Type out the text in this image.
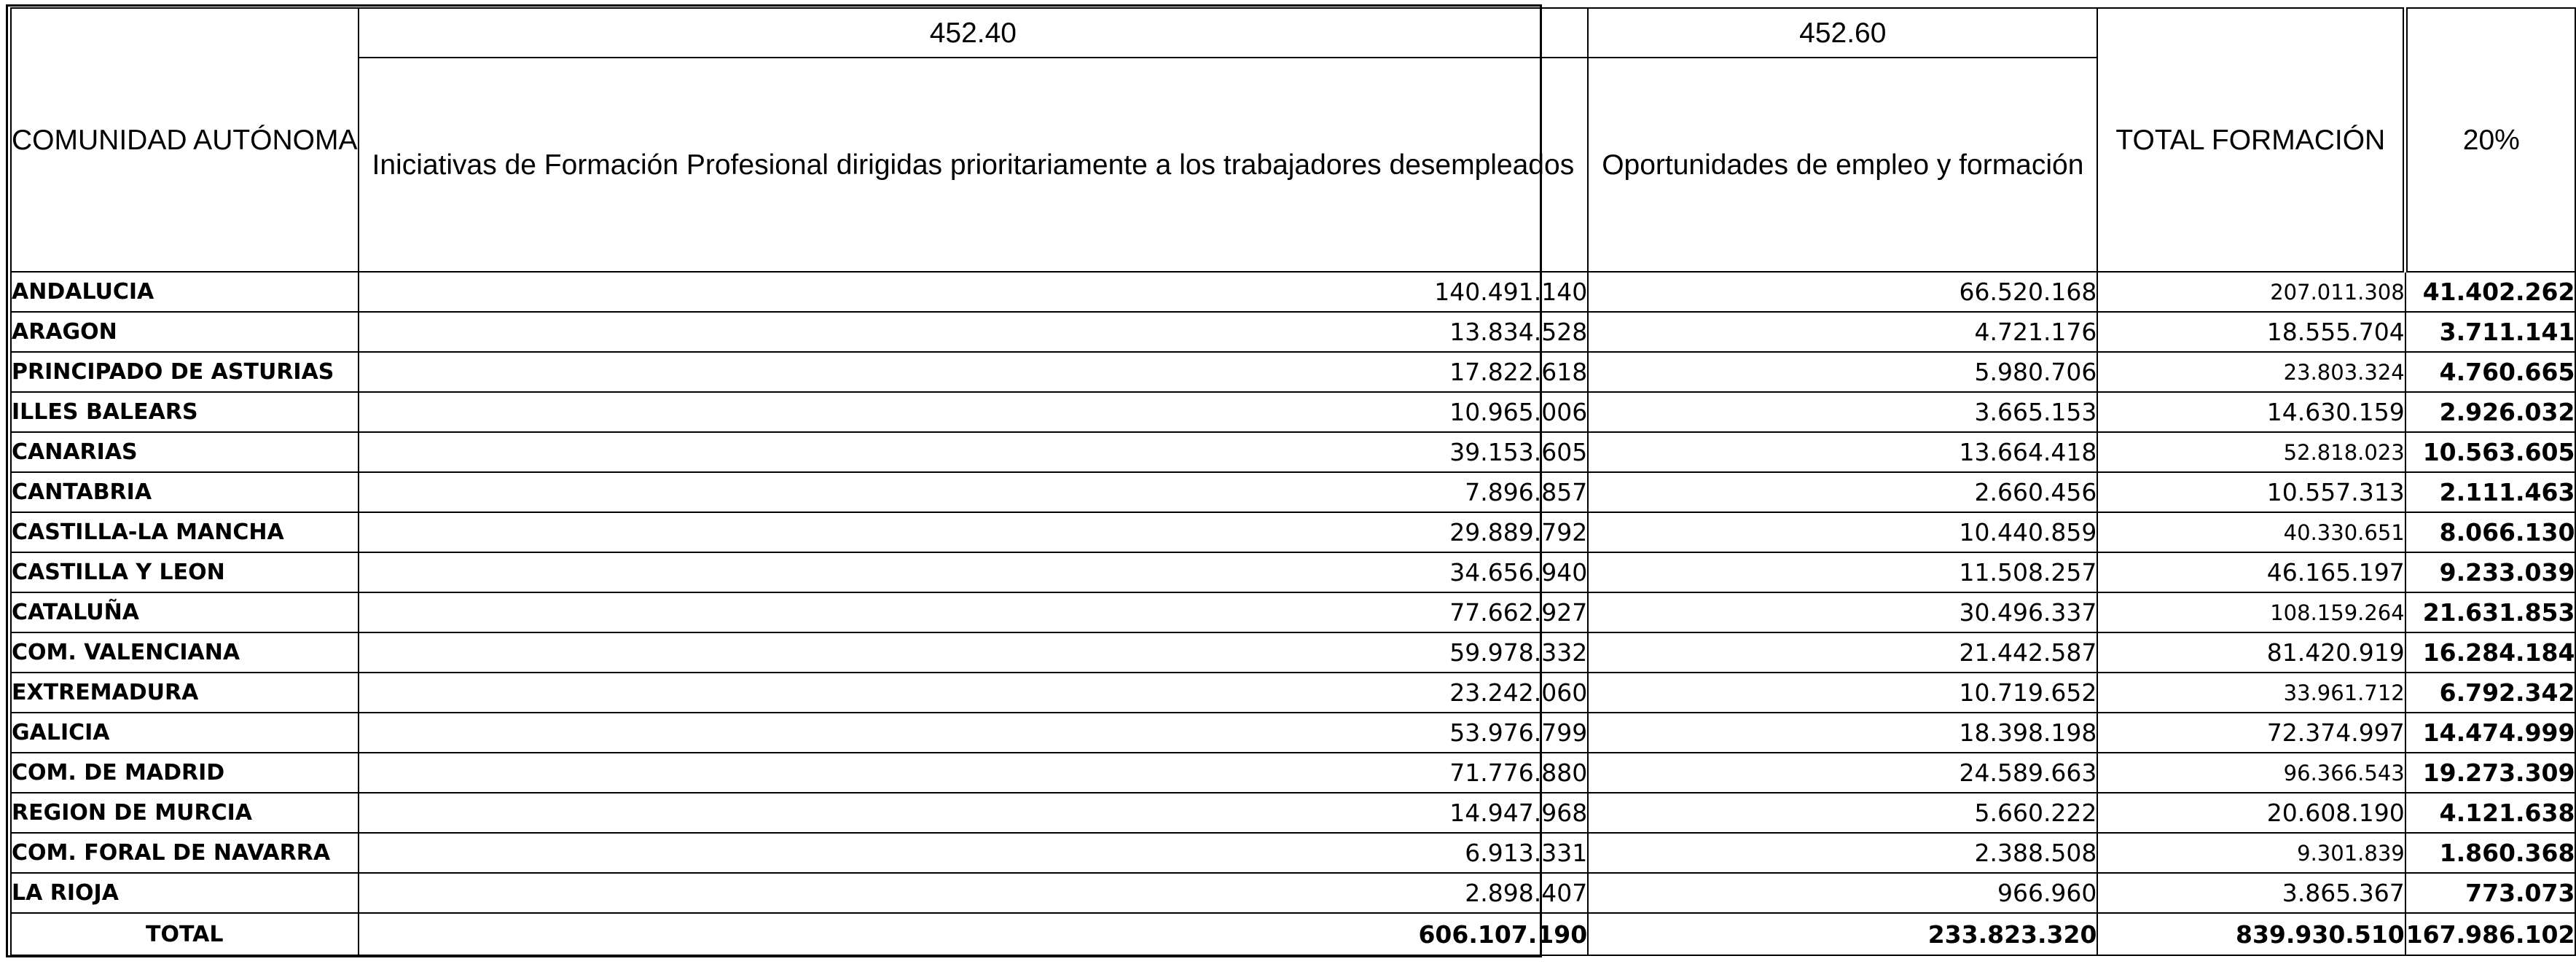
COMUNIDAD AUTÓNOMA	452.40	452.60	TOTAL FORMACIÓN	20%
	Iniciativas de Formación Profesional dirigidas prioritariamente a los trabajadores desempleados	Oportunidades de empleo y formación		
ANDALUCIA	140.491.140	66.520.168	207.011.308	41.402.262
ARAGON	13.834.528	4.721.176	18.555.704	3.711.141
PRINCIPADO DE ASTURIAS	17.822.618	5.980.706	23.803.324	4.760.665
ILLES BALEARS	10.965.006	3.665.153	14.630.159	2.926.032
CANARIAS	39.153.605	13.664.418	52.818.023	10.563.605
CANTABRIA	7.896.857	2.660.456	10.557.313	2.111.463
CASTILLA-LA MANCHA	29.889.792	10.440.859	40.330.651	8.066.130
CASTILLA Y LEON	34.656.940	11.508.257	46.165.197	9.233.039
CATALUÑA	77.662.927	30.496.337	108.159.264	21.631.853
COM. VALENCIANA	59.978.332	21.442.587	81.420.919	16.284.184
EXTREMADURA	23.242.060	10.719.652	33.961.712	6.792.342
GALICIA	53.976.799	18.398.198	72.374.997	14.474.999
COM. DE MADRID	71.776.880	24.589.663	96.366.543	19.273.309
REGION DE MURCIA	14.947.968	5.660.222	20.608.190	4.121.638
COM. FORAL DE NAVARRA	6.913.331	2.388.508	9.301.839	1.860.368
LA RIOJA	2.898.407	966.960	3.865.367	773.073
TOTAL	606.107.190	233.823.320	839.930.510	167.986.102
